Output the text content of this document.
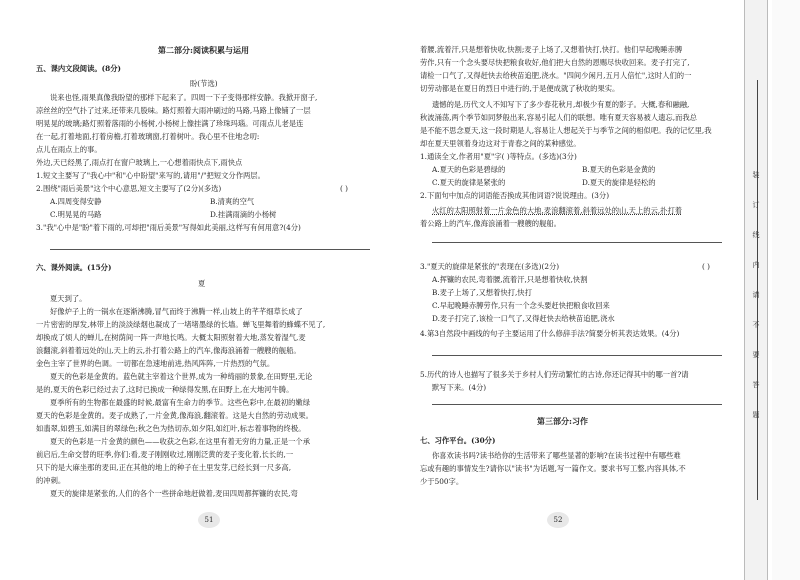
第二部分:阅读积累与运用
五、课内文段阅读。(8分)
盼(节选)
说来也怪,雨果真像我盼望的那样下起来了。四周一下子变得那样安静。我掀开窗子,
凉丝丝的空气扑了过来,还带来几股味。路灯照着大雨冲刷过的马路,马路上像铺了一层
明晃晃的玻璃;路灯照着落雨的小杨树,小杨树上像挂满了珍珠玛瑙。可雨点儿老是连
在一起,打着地面,打着房檐,打着玻璃窗,打着树叶。我心里不住地念叨:
点儿在雨点上的事。
外边,天已经黑了,雨点打在窗户玻璃上,一心想着雨快点下,雨快点
1.短文主要写了"我心中"和"心中盼望"来写的,请用"/"把短文分作两层。
2.围绕"雨后美景"这个中心意思,短文主要写了(2分)(多选)	( )
A.四周变得安静	B.清爽的空气
C.明晃晃的马路	D.挂满雨滴的小杨树
3."我"心中是"盼"着下雨的,可却把"雨后美景"写得如此美丽,这样写有何用意?(4分)
六、课外阅读。(15分)
夏
夏天到了。
好像炉子上的一锅水在逐渐沸腾,冒气而终于沸腾一样,山坡上的芊芊细草长成了
一片密密的厚发,林带上的淡淡绿烟也凝成了一堵堵墨绿的长墙。蝉飞里舞着的蜂蝶不见了,
却换成了烦人的蝉儿,在树荫间一阵一声地长鸣。大概太阳照射着大地,蒸发着湿气,麦
浪翻滚,斜着着远处的山,天上的云,扑打着公路上的汽车,像海浪涌着一艘艘的舰船。
金色主宰了世界的色调。一切都在急速地前进,热风阵阵,一片热烈的气氛。
夏天的色彩是金黄的。蓝色就主宰着这个世界,成为一种绮丽的景象,在田野里,无论
是的,夏天的色彩已经过去了,这时已换成一种绿得发黑,在田野上,在大地河牛腾。
夏季所有的生物都在最盛的时候,最富有生命力的季节。这些色彩中,在最初的嫩绿
夏天的色彩是金黄的。麦子成熟了,一片金黄,像海浪,翻滚着。这是大自然的劳动成果。
如翡翠,如碧玉,如满目的翠绿色;秋之色为热切赤,如夕阳,如红叶,标志着事物的终极。
夏天的色彩是一片金黄的颜色——收获之色彩,在这里有着无穷的力量,正是一个承
前启后,生命交替的旺季,你们:看,麦子刚刚收过,刚刚泛黄的麦子变化着,长长的,一
只下的是大麻坐那的麦田,正在其他的地上的种子在土里发芽,已经长到一尺多高,
的冲刺。
夏天的旋律是紧张的,人们的各个一些拼命地赶做着,麦田四周都挥镰的农民,弯
51
着腰,流着汗,只是想着快收,快割;麦子上场了,又想着快打,快打。他们早起晚睡赤膊
劳作,只有一个念头要尽快把粮食收好,他们把大自然的恩赐尽快收回来。麦子打完了,
请检一口气了,又得赶快去给秧苗追肥,浇水。"四间少闲月,五月人倍忙",这时人们的一
切劳动都是在夏日的烈日中进行的,于是便成就了秋收的果实。
遗憾的是,历代文人不知写下了多少春花秋月,却极少有夏的影子。大概,春和融融,
秋波涌荡,两个季节如同梦般出来,容易引起人们的联想。唯有夏天容易被人遗忘,而我总
是不能不思念夏天,这一段时期是人,容易让人想起关于与季节之间的相似吧。我的记忆里,我
却在夏天里领着身边这对于青春之间的某种感觉。
1.通读全文,作者用"夏"字( )等特点。(多选)(3分)
A.夏天的色彩是碧绿的	B.夏天的色彩是金黄的
C.夏天的旋律是紧张的	D.夏天的旋律是轻松的
2.下面句中加点的词语能否换成其他词语?说说理由。(3分)
火红的太阳照射着一片金色的大地,麦浪翻滚着,斜着远处的山,天上的云,扑打着
着公路上的汽车,像海浪涌着一艘艘的舰船。
3."夏天的旋律是紧张的"表现在(多选)(2分)	( )
A.挥镰的农民,弯着腰,流着汗,只是想着快收,快割
B.麦子上场了,又想着快打,快打
C.早起晚睡赤膊劳作,只有一个念头要赶快把粮食收回来
D.麦子打完了,该检一口气了,又得赶快去给秧苗追肥,浇水
4.第3自然段中画线的句子主要运用了什么修辞手法?简要分析其表达效果。(4分)
5.历代的诗人也描写了很多关于乡村人们劳动繁忙的古诗,你还记得其中的哪一首?请
默写下来。(4分)
第三部分:习作
七、习作平台。(30分)
你喜欢读书吗?读书给你的生活带来了哪些显著的影响?在读书过程中有哪些难
忘或有趣的事情发生?请你以"读书"为话题,写一篇作文。要求书写工整,内容具体,不
少于500字。
52
装
订
线
内
请
不
要
答
题
